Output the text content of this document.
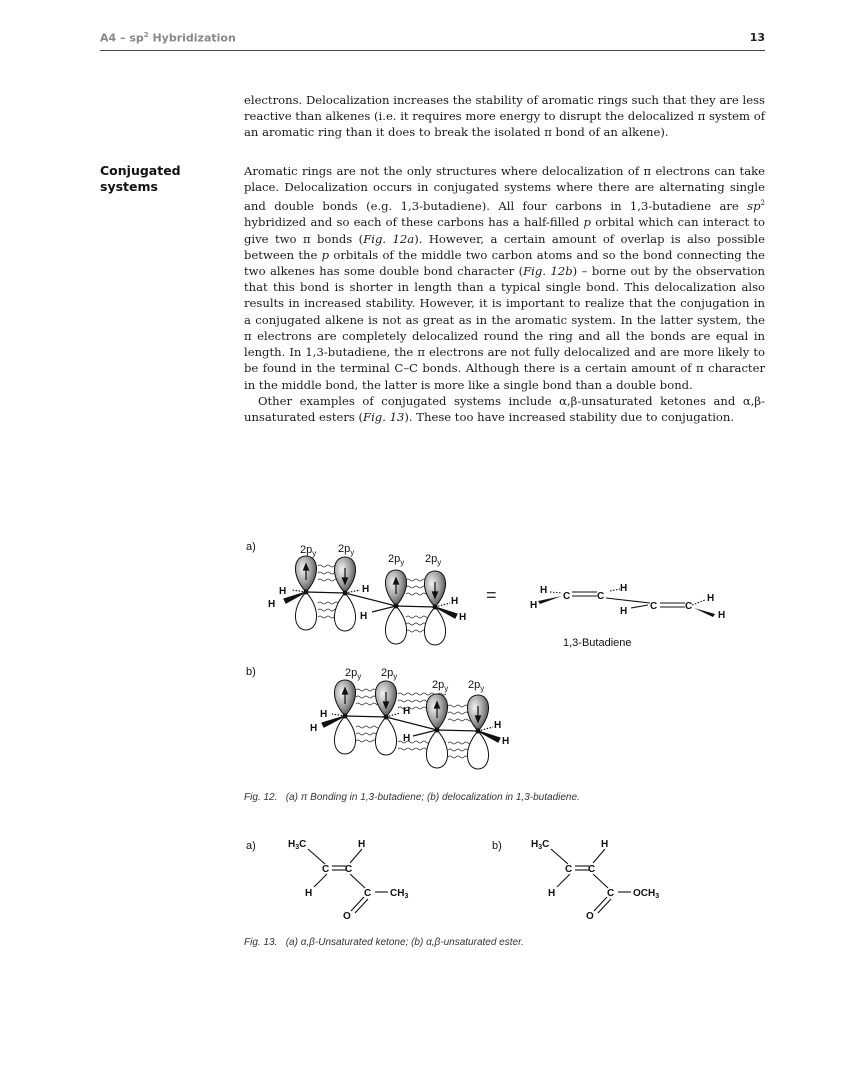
$A4 - sp^2$ Hybridization	13

electrons. Delocalization increases the stability of aromatic rings such that they are less reactive than alkenes (i.e. it requires more energy to disrupt the delocalized π system of an aromatic ring than it does to break the isolated π bond of an alkene).

Conjugated
systems

Aromatic rings are not the only structures where delocalization of π electrons can take place. Delocalization occurs in conjugated systems where there are alternating single and double bonds (e.g. 1,3-butadiene). All four carbons in 1,3-butadiene are $sp^2$ hybridized and so each of these carbons has a half-filled p orbital which can interact to give two π bonds (Fig. 12a). However, a certain amount of overlap is also possible between the p orbitals of the middle two carbon atoms and so the bond connecting the two alkenes has some double bond character (Fig. 12b) – borne out by the observation that this bond is shorter in length than a typical single bond. This delocalization also results in increased stability. However, it is important to realize that the conjugation in a conjugated alkene is not as great as in the aromatic system. In the latter system, the π electrons are completely delocalized round the ring and all the bonds are equal in length. In 1,3-butadiene, the π electrons are not fully delocalized and are more likely to be found in the terminal C–C bonds. Although there is a certain amount of π character in the middle bond, the latter is more like a single bond than a double bond.

Other examples of conjugated systems include α,β-unsaturated ketones and α,β-unsaturated esters (Fig. 13). These too have increased stability due to conjugation.

a)
b)
H
H
H
H
H
H
$2p_y$ $2p_y$
$2p_y$ $2p_y$
=	H
H
C	C
H
H C	C
H
H
1,3-Butadiene
H
H
H
H
H
H
$2p_y$ $2p_y$
$2p_y$ $2p_y$
$H_3C$	H
C C
H	C $CH_3$
O
$H_3C$	H
C C
H	C $OCH_3$
O
Fig. 12. (a) π Bonding in 1,3-butadiene; (b) delocalization in 1,3-butadiene.
a)	b)
Fig. 13. (a) α,β-Unsaturated ketone; (b) α,β-unsaturated ester.
